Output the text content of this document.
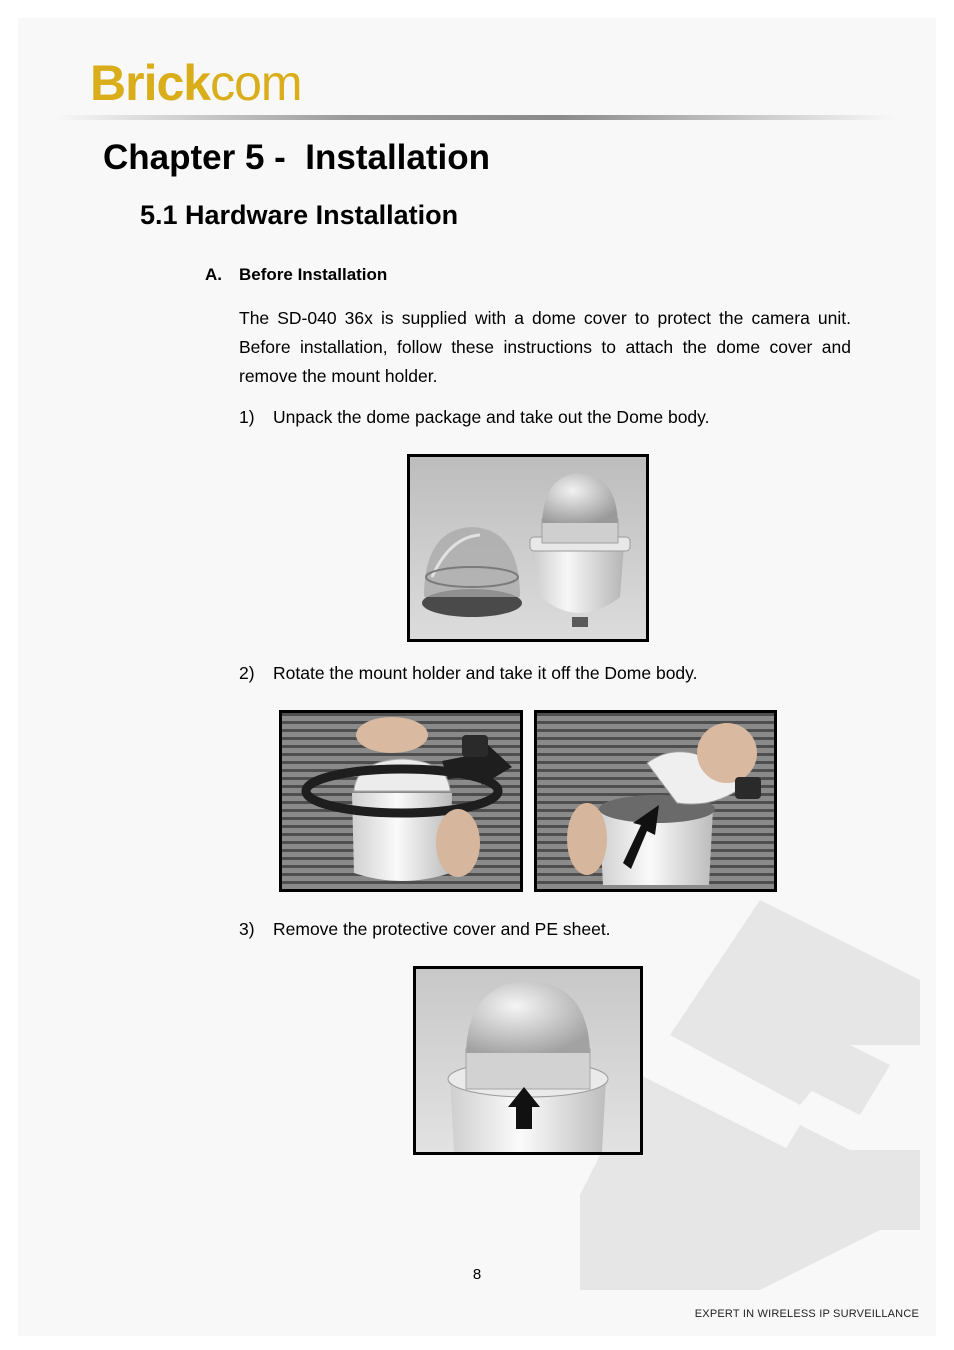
Brickcom
Chapter 5 -  Installation
5.1 Hardware Installation
A. Before Installation

The SD-040 36x is supplied with a dome cover to protect the camera unit. Before installation, follow these instructions to attach the dome cover and remove the mount holder.

1) Unpack the dome package and take out the Dome body.

2) Rotate the mount holder and take it off the Dome body.

3) Remove the protective cover and PE sheet.

8
EXPERT IN WIRELESS IP SURVEILLANCE
